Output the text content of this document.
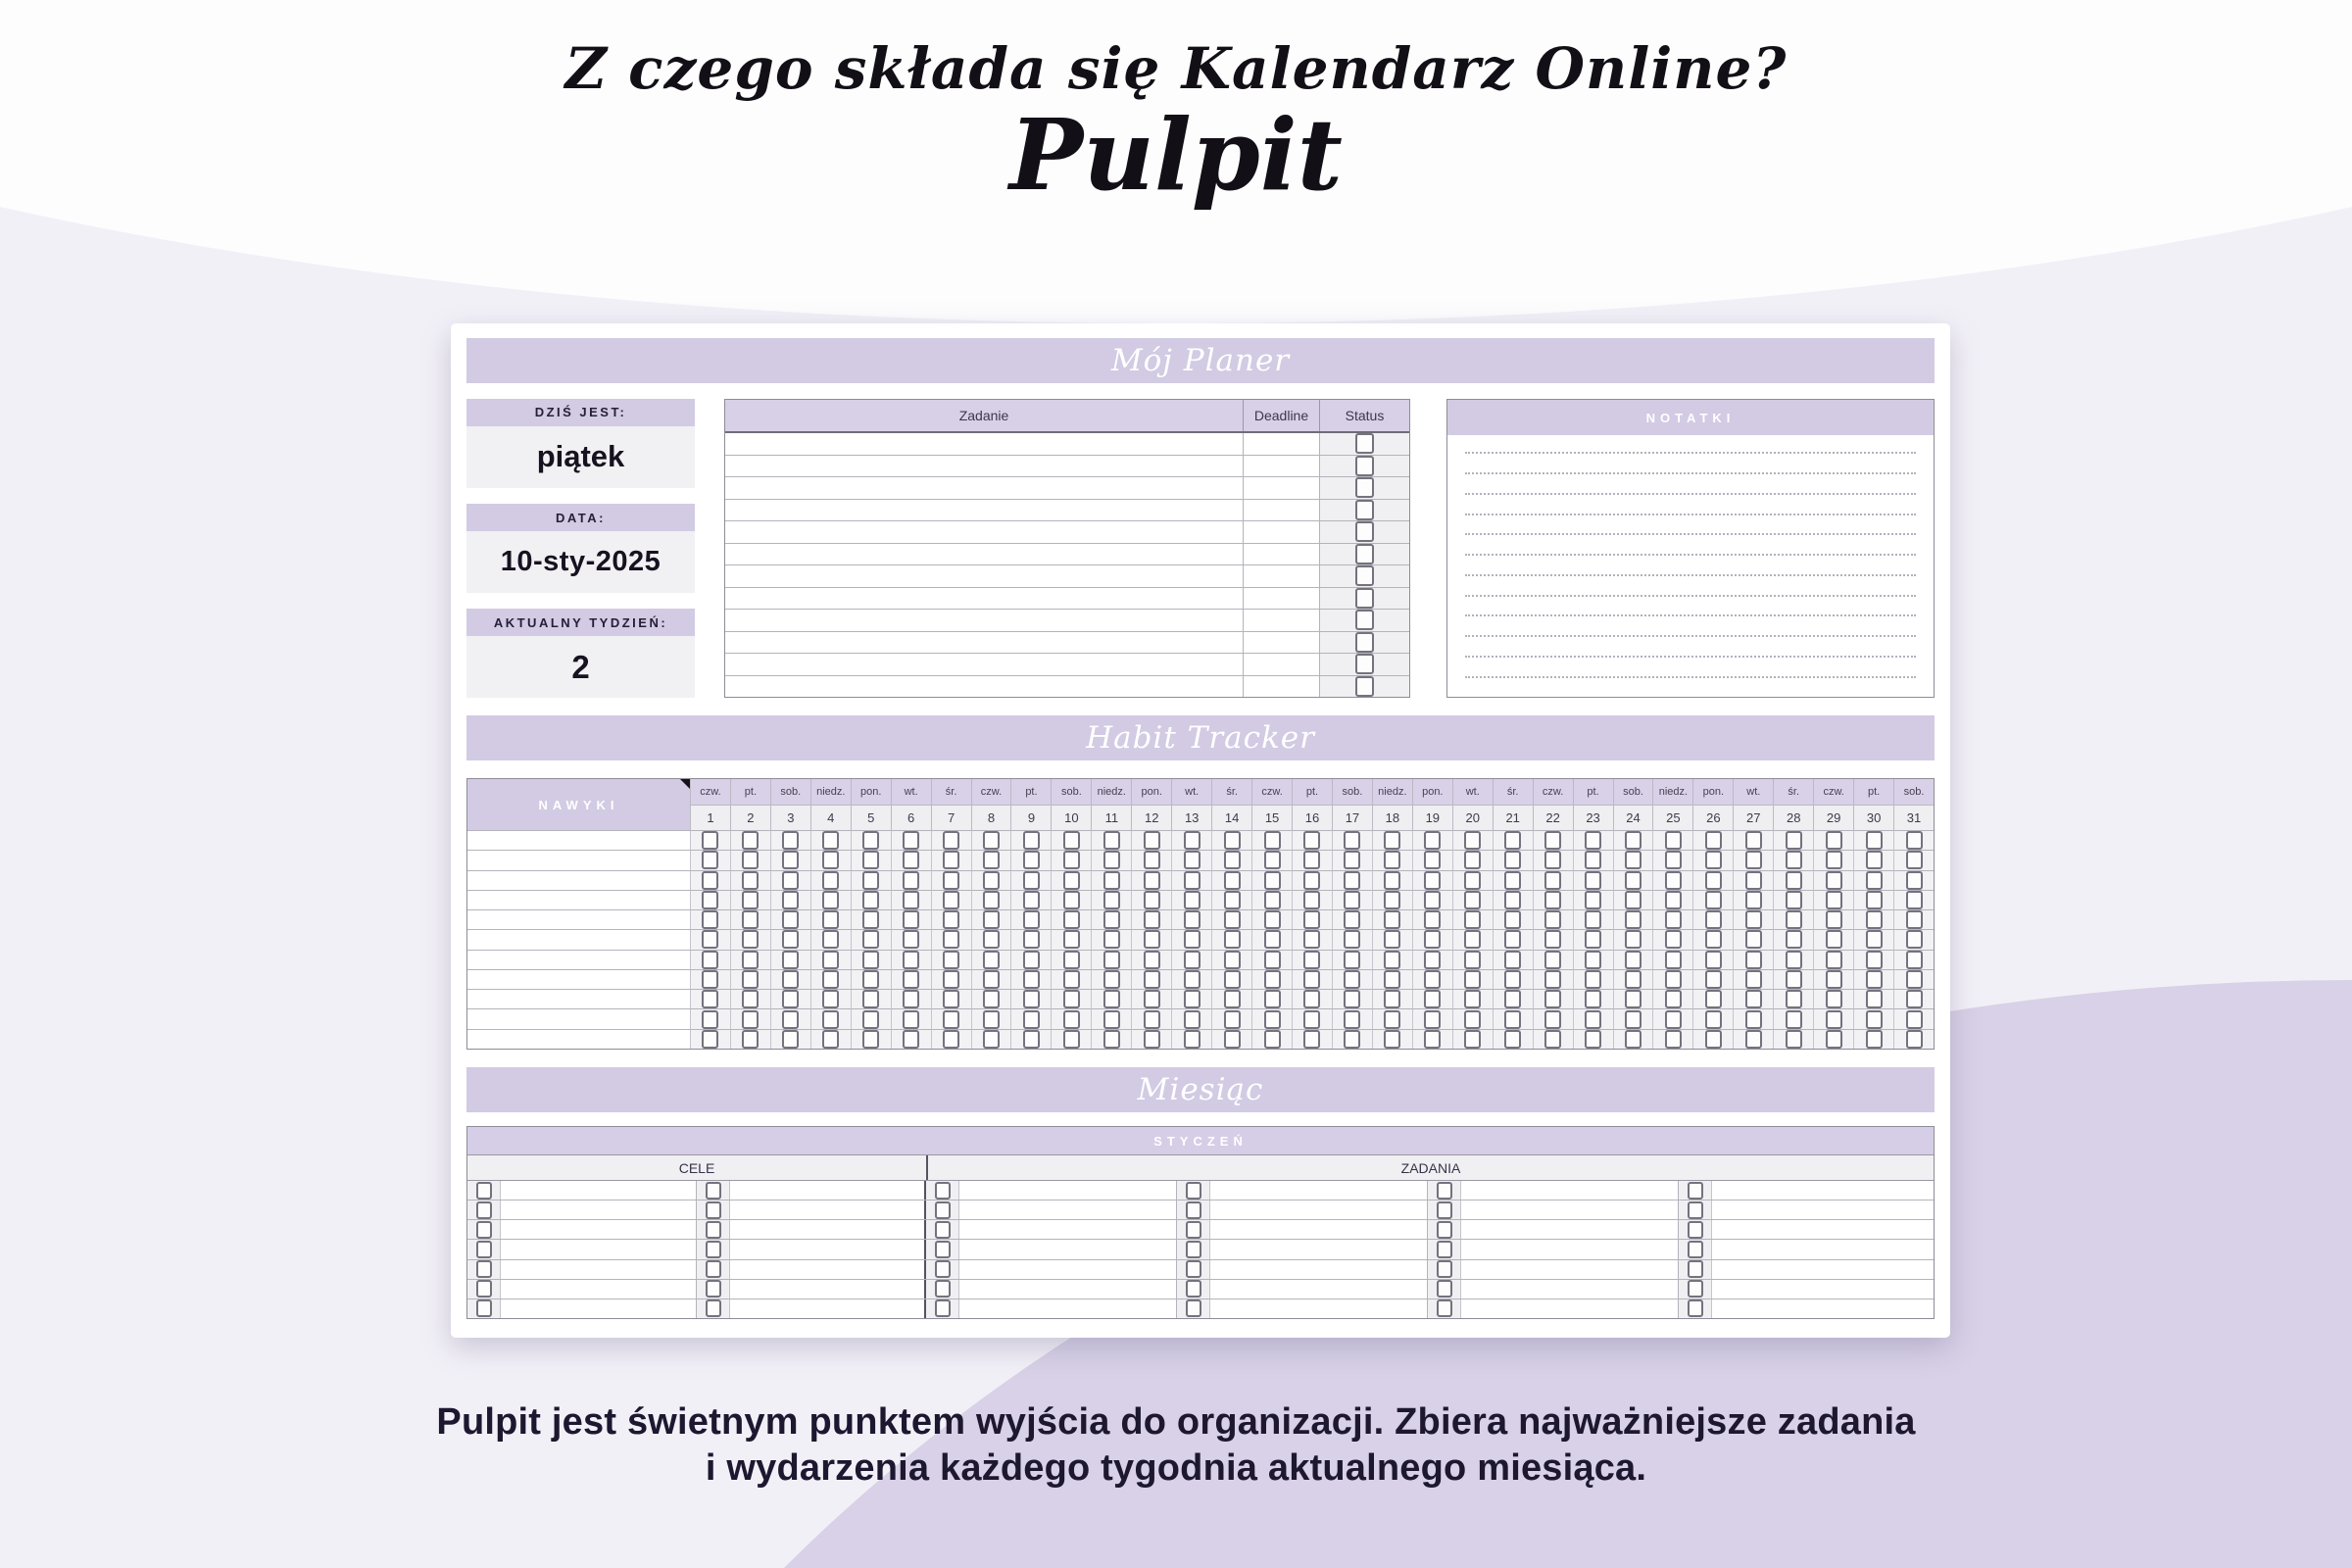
Z czego składa się Kalendarz Online?
Pulpit
Mój Planer
DZIŚ JEST:
piątek
DATA:
10-sty-2025
AKTUALNY TYDZIEŃ:
2
Zadanie	Deadline	Status	NOTATKI
Habit Tracker
NAWYKI
czw.	pt.	sob.	niedz.	pon.	wt.	śr.	czw.	pt.	sob.	niedz.	pon.	wt.	śr.	czw.	pt.	sob.	niedz.	pon.	wt.	śr.	czw.	pt.	sob.	niedz.	pon.	wt.	śr.	czw.	pt.	sob.
1	2	3	4	5	6	7	8	9	10	11	12	13	14	15	16	17	18	19	20	21	22	23	24	25	26	27	28	29	30	31
Miesiąc
STYCZEŃ
CELE	ZADANIA
Pulpit jest świetnym punktem wyjścia do organizacji. Zbiera najważniejsze zadania
i wydarzenia każdego tygodnia aktualnego miesiąca.
